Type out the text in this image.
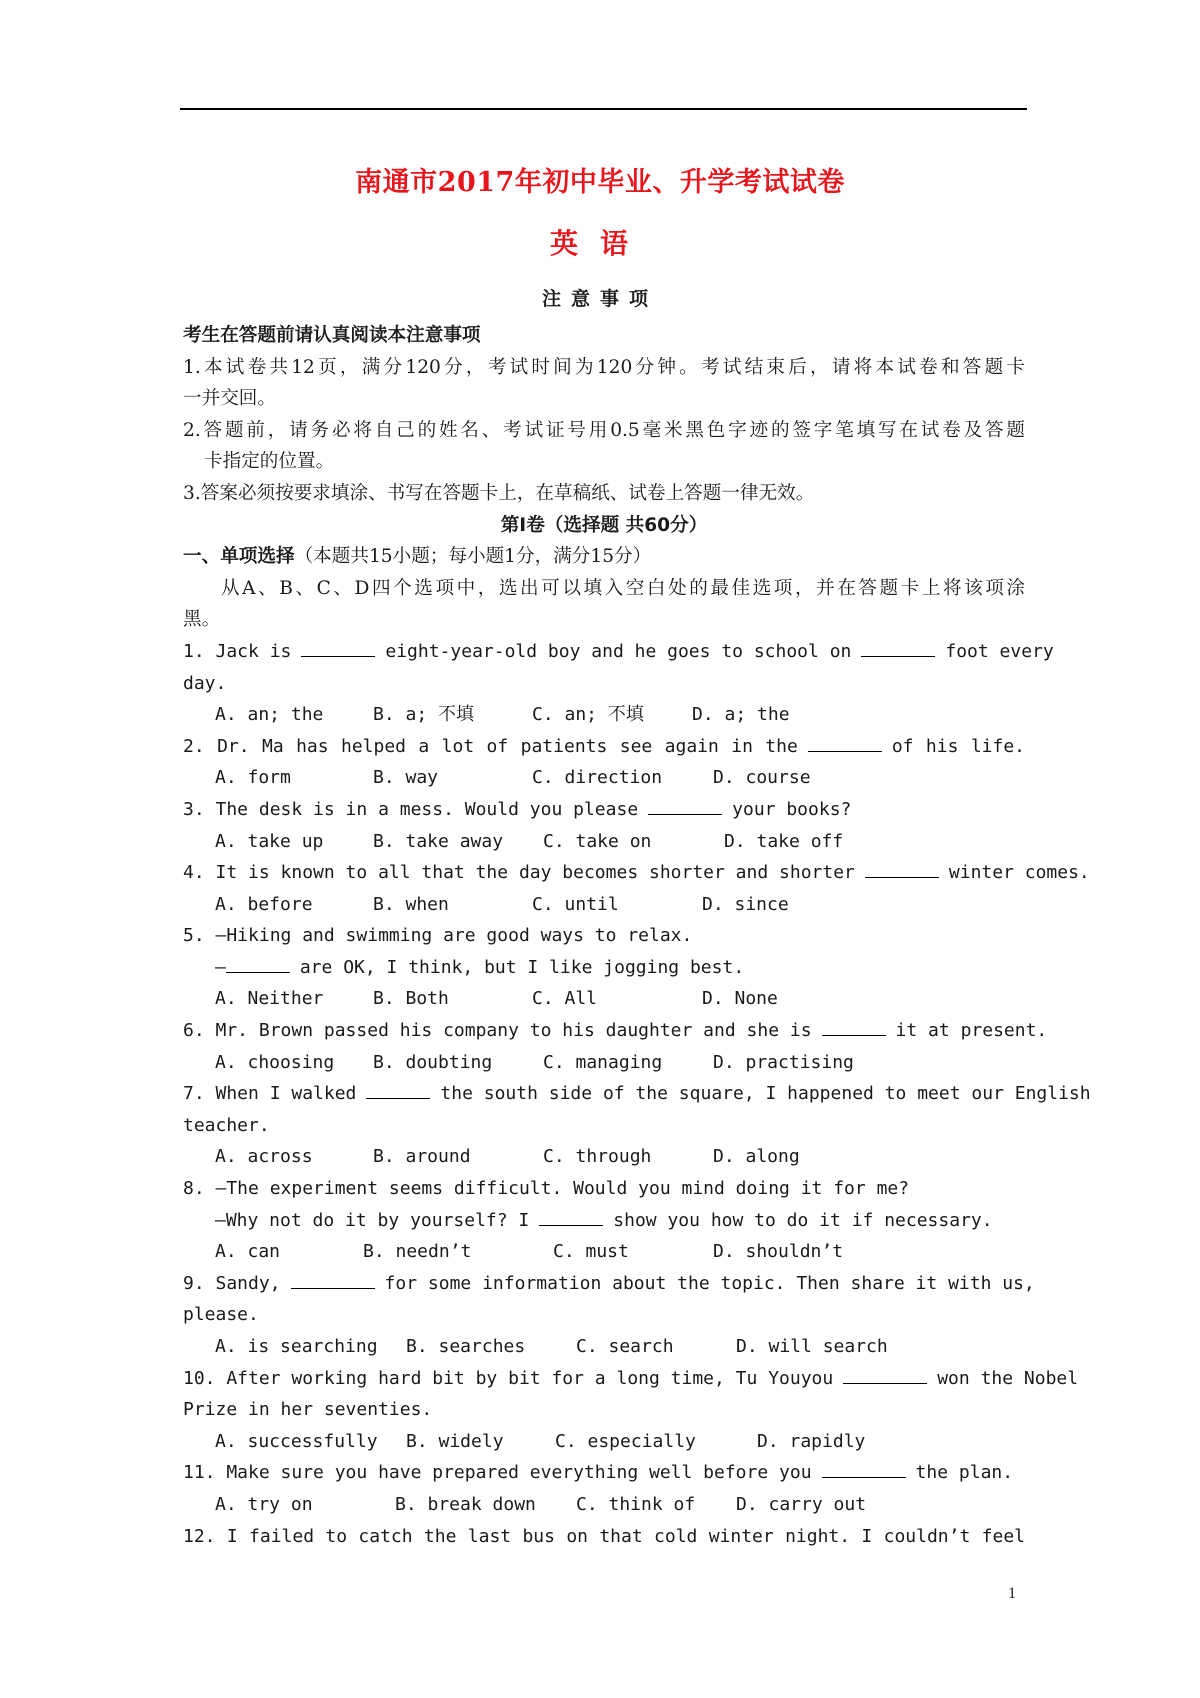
南通市2017年初中毕业、升学考试试卷
英语
注意事项
考生在答题前请认真阅读本注意事项
1.本试卷共12页，满分120分，考试时间为120分钟。考试结束后，请将本试卷和答题卡
一并交回。
2.答题前，请务必将自己的姓名、考试证号用0.5毫米黑色字迹的签字笔填写在试卷及答题
卡指定的位置。
3.答案必须按要求填涂、书写在答题卡上，在草稿纸、试卷上答题一律无效。
第I卷（选择题 共60分）
一、单项选择（本题共15小题；每小题1分，满分15分）
从A、B、C、D四个选项中，选出可以填入空白处的最佳选项，并在答题卡上将该项涂
黑。
1. Jack is	eight-year-old boy and he goes to school on	foot every
day.
A. an; the	B. a; 不填	C. an; 不填	D. a; the
2. Dr. Ma has helped a lot of patients see again in the	of his life.
A. form	B. way	C. direction	D. course
3. The desk is in a mess. Would you please	your books?
A. take up	B. take away	C. take on	D. take off
4. It is known to all that the day becomes shorter and shorter	winter comes.
A. before	B. when	C. until	D. since
5. —Hiking and swimming are good ways to relax.
—	are OK, I think, but I like jogging best.
A. Neither	B. Both	C. All	D. None
6. Mr. Brown passed his company to his daughter and she is	it at present.
A. choosing	B. doubting	C. managing	D. practising
7. When I walked	the south side of the square, I happened to meet our English
teacher.
A. across	B. around	C. through	D. along
8. —The experiment seems difficult. Would you mind doing it for me?
—Why not do it by yourself? I	show you how to do it if necessary.
A. can	B. needn’t	C. must	D. shouldn’t
9. Sandy,	for some information about the topic. Then share it with us,
please.
A. is searching	B. searches	C. search	D. will search
10. After working hard bit by bit for a long time, Tu Youyou	won the Nobel
Prize in her seventies.
A. successfully	B. widely	C. especially	D. rapidly
11. Make sure you have prepared everything well before you	the plan.
A. try on	B. break down	C. think of	D. carry out
12. I failed to catch the last bus on that cold winter night. I couldn’t feel
1
